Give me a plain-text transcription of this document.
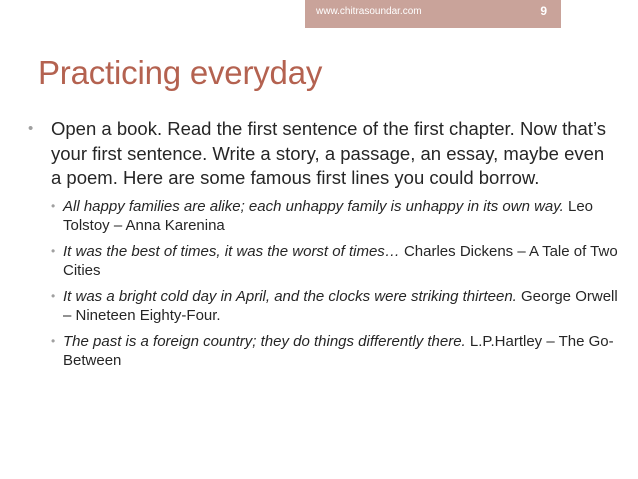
www.chitrasoundar.com	9
Practicing everyday
• Open a book. Read the first sentence of the first chapter. Now that’s your first sentence. Write a story, a passage, an essay, maybe even a poem. Here are some famous first lines you could borrow.
• All happy families are alike; each unhappy family is unhappy in its own way. Leo Tolstoy – Anna Karenina
• It was the best of times, it was the worst of times… Charles Dickens – A Tale of Two Cities
• It was a bright cold day in April, and the clocks were striking thirteen. George Orwell – Nineteen Eighty-Four.
• The past is a foreign country; they do things differently there. L.P.Hartley – The Go-Between
